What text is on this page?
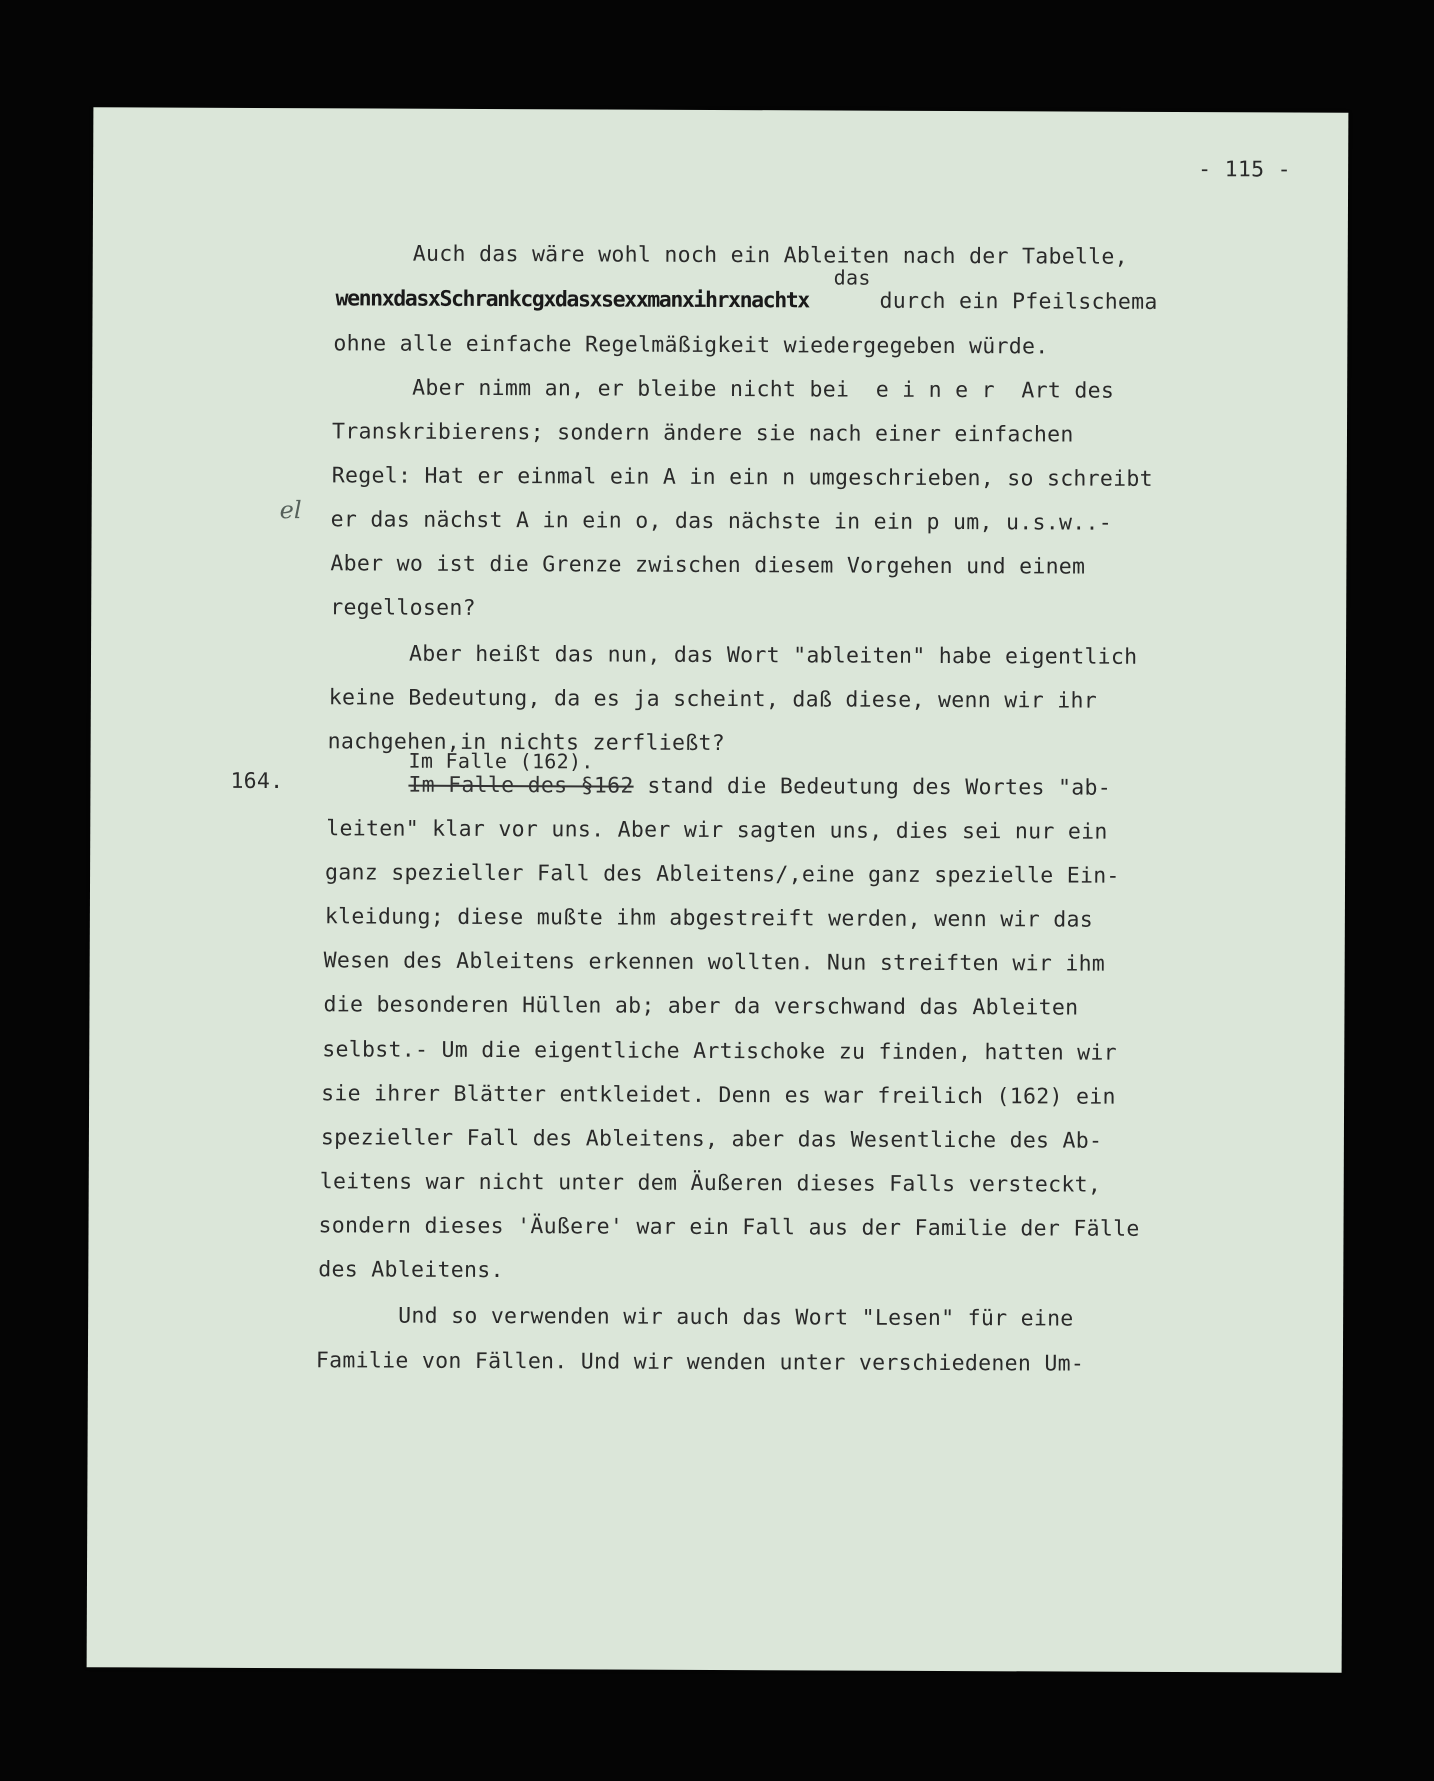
- 115 -
Auch das wäre wohl noch ein Ableiten nach der Tabelle,
das
wennxdasxSchrankcgxdasxsexxmanxihrxnachtx	durch ein Pfeilschema
ohne alle einfache Regelmäßigkeit wiedergegeben würde.
Aber nimm an, er bleibe nicht bei  e i n e r  Art des
Transkribierens; sondern ändere sie nach einer einfachen
Regel: Hat er einmal ein A in ein n umgeschrieben, so schreibt
el er das nächst A in ein o, das nächste in ein p um, u.s.w..-
Aber wo ist die Grenze zwischen diesem Vorgehen und einem
regellosen?
Aber heißt das nun, das Wort "ableiten" habe eigentlich
keine Bedeutung, da es ja scheint, daß diese, wenn wir ihr
nachgehen,in nichts zerfließt?
164.
Im Falle (162).
Im Falle des §162 stand die Bedeutung des Wortes "ab-
leiten" klar vor uns. Aber wir sagten uns, dies sei nur ein
ganz spezieller Fall des Ableitens/,eine ganz spezielle Ein-
kleidung; diese mußte ihm abgestreift werden, wenn wir das
Wesen des Ableitens erkennen wollten. Nun streiften wir ihm
die besonderen Hüllen ab; aber da verschwand das Ableiten
selbst.- Um die eigentliche Artischoke zu finden, hatten wir
sie ihrer Blätter entkleidet. Denn es war freilich (162) ein
spezieller Fall des Ableitens, aber das Wesentliche des Ab-
leitens war nicht unter dem Äußeren dieses Falls versteckt,
sondern dieses 'Äußere' war ein Fall aus der Familie der Fälle
des Ableitens.
Und so verwenden wir auch das Wort "Lesen" für eine
Familie von Fällen. Und wir wenden unter verschiedenen Um-
